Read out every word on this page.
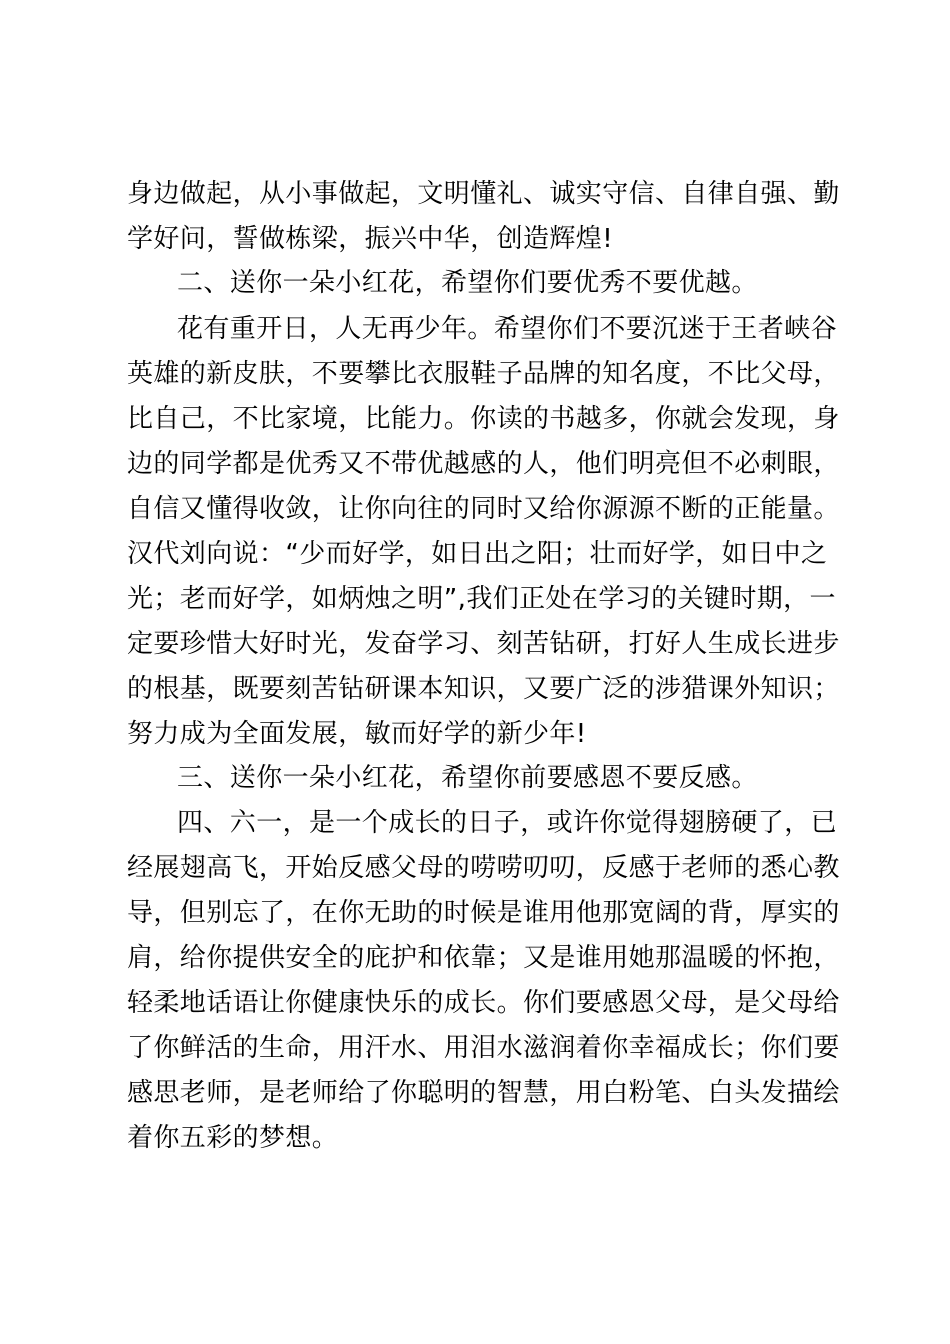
身边做起，从小事做起，文明懂礼、诚实守信、自律自强、勤
学好问，誓做栋梁，振兴中华，创造辉煌!
二、送你一朵小红花，希望你们要优秀不要优越。
花有重开日，人无再少年。希望你们不要沉迷于王者峡谷
英雄的新皮肤，不要攀比衣服鞋子品牌的知名度，不比父母，
比自己，不比家境，比能力。你读的书越多，你就会发现，身
边的同学都是优秀又不带优越感的人，他们明亮但不必刺眼，
自信又懂得收敛，让你向往的同时又给你源源不断的正能量。
汉代刘向说：“少而好学，如日出之阳；壮而好学，如日中之
光；老而好学，如炳烛之明”,我们正处在学习的关键时期，一
定要珍惜大好时光，发奋学习、刻苦钻研，打好人生成长进步
的根基，既要刻苦钻研课本知识，又要广泛的涉猎课外知识；
努力成为全面发展，敏而好学的新少年!
三、送你一朵小红花，希望你前要感恩不要反感。
四、六一，是一个成长的日子，或许你觉得翅膀硬了，已
经展翅高飞，开始反感父母的唠唠叨叨，反感于老师的悉心教
导，但别忘了，在你无助的时候是谁用他那宽阔的背，厚实的
肩，给你提供安全的庇护和依靠；又是谁用她那温暖的怀抱，
轻柔地话语让你健康快乐的成长。你们要感恩父母，是父母给
了你鲜活的生命，用汗水、用泪水滋润着你幸福成长；你们要
感思老师，是老师给了你聪明的智慧，用白粉笔、白头发描绘
着你五彩的梦想。
